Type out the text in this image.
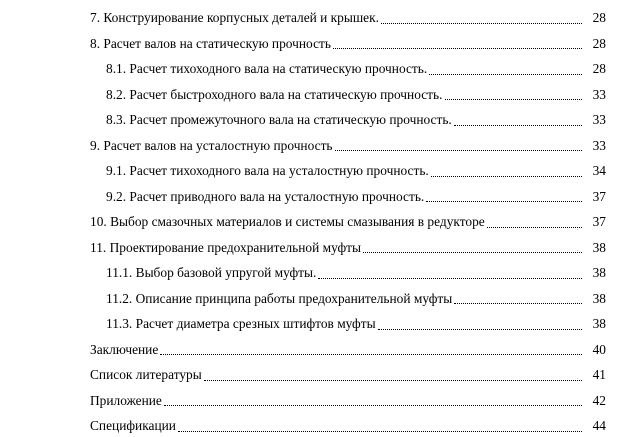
7. Конструирование корпусных деталей и крышек.	28
8. Расчет валов на статическую прочность	28
8.1. Расчет тихоходного вала на статическую прочность.	28
8.2. Расчет быстроходного вала на статическую прочность.	33
8.3. Расчет промежуточного вала на статическую прочность.	33
9. Расчет валов на усталостную прочность	33
9.1. Расчет тихоходного вала на усталостную прочность.	34
9.2. Расчет приводного вала на усталостную прочность.	37
10. Выбор смазочных материалов и системы смазывания в редукторе	37
11. Проектирование предохранительной муфты	38
11.1. Выбор базовой упругой муфты.	38
11.2. Описание принципа работы предохранительной муфты	38
11.3. Расчет диаметра срезных штифтов муфты	38
Заключение	40
Список литературы	41
Приложение	42
Спецификации	44
